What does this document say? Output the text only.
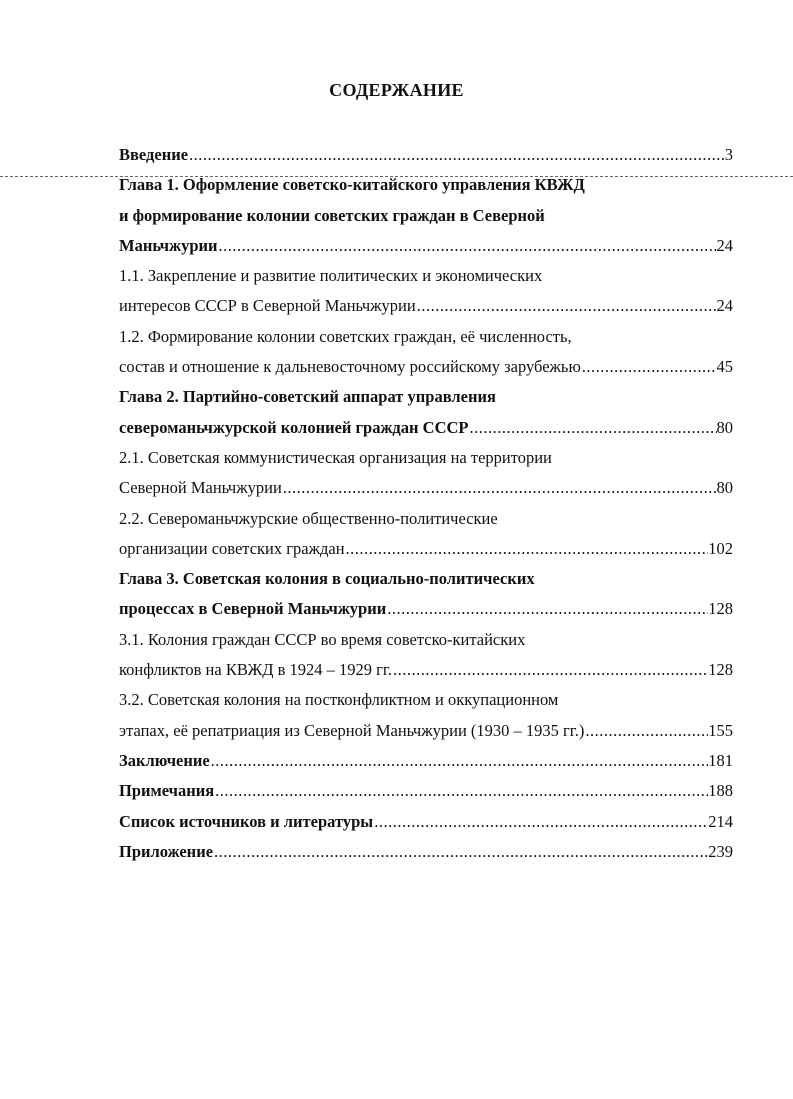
СОДЕРЖАНИЕ
Введение .....	3
Глава 1. Оформление советско-китайского управления КВЖД
и формирование колонии советских граждан в Северной
Маньчжурии .....	24
1.1. Закрепление и развитие политических и экономических
интересов СССР в Северной Маньчжурии .....	24
1.2. Формирование колонии советских граждан, её численность,
состав и отношение к дальневосточному российскому зарубежью .....	45
Глава 2. Партийно-советский аппарат управления
североманьчжурской колонией граждан СССР .....	80
2.1. Советская коммунистическая организация на территории
Северной Маньчжурии .....	80
2.2. Североманьчжурские общественно-политические
организации советских граждан .....	102
Глава 3. Советская колония в социально-политических
процессах в Северной Маньчжурии .....	128
3.1. Колония граждан СССР во время советско-китайских
конфликтов на КВЖД в 1924 – 1929 гг. .....	128
3.2. Советская колония на постконфликтном и оккупационном
этапах, её репатриация из Северной Маньчжурии (1930 – 1935 гг.) .....	155
Заключение .....	181
Примечания .....	188
Список источников и литературы .....	214
Приложение .....	239
